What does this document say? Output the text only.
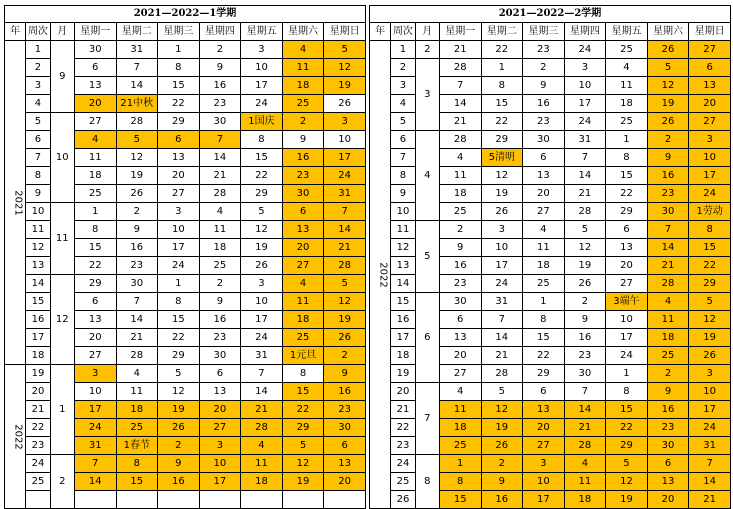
2021—2022—1学期									
年	周次	月	星期一	星期二	星期三	星期四	星期五	星期六	星期日
2021	1	9	30	31	1	2	3	4	5
	2		6	7	8	9	10	11	12
	3		13	14	15	16	17	18	19
	4		20	21中秋	22	23	24	25	26
	5	10	27	28	29	30	1国庆	2	3
	6		4	5	6	7	8	9	10
	7		11	12	13	14	15	16	17
	8		18	19	20	21	22	23	24
	9		25	26	27	28	29	30	31
	10	11	1	2	3	4	5	6	7
	11		8	9	10	11	12	13	14
	12		15	16	17	18	19	20	21
	13		22	23	24	25	26	27	28
	14	12	29	30	1	2	3	4	5
	15		6	7	8	9	10	11	12
	16		13	14	15	16	17	18	19
	17		20	21	22	23	24	25	26
	18		27	28	29	30	31	1元旦	2
2022	19	1	3	4	5	6	7	8	9
	20		10	11	12	13	14	15	16
	21		17	18	19	20	21	22	23
	22		24	25	26	27	28	29	30
	23		31	1春节	2	3	4	5	6
	24	2	7	8	9	10	11	12	13
	25		14	15	16	17	18	19	20

2021—2022—2学期									
年	周次	月	星期一	星期二	星期三	星期四	星期五	星期六	星期日
2022	1	2	21	22	23	24	25	26	27
	2	3	28	1	2	3	4	5	6
	3		7	8	9	10	11	12	13
	4		14	15	16	17	18	19	20
	5		21	22	23	24	25	26	27
	6	4	28	29	30	31	1	2	3
	7		4	5清明	6	7	8	9	10
	8		11	12	13	14	15	16	17
	9		18	19	20	21	22	23	24
	10		25	26	27	28	29	30	1劳动
	11	5	2	3	4	5	6	7	8
	12		9	10	11	12	13	14	15
	13		16	17	18	19	20	21	22
	14		23	24	25	26	27	28	29
	15	6	30	31	1	2	3端午	4	5
	16		6	7	8	9	10	11	12
	17		13	14	15	16	17	18	19
	18		20	21	22	23	24	25	26
	19		27	28	29	30	1	2	3
	20	7	4	5	6	7	8	9	10
	21		11	12	13	14	15	16	17
	22		18	19	20	21	22	23	24
	23		25	26	27	28	29	30	31
	24	8	1	2	3	4	5	6	7
	25		8	9	10	11	12	13	14
	26		15	16	17	18	19	20	21
